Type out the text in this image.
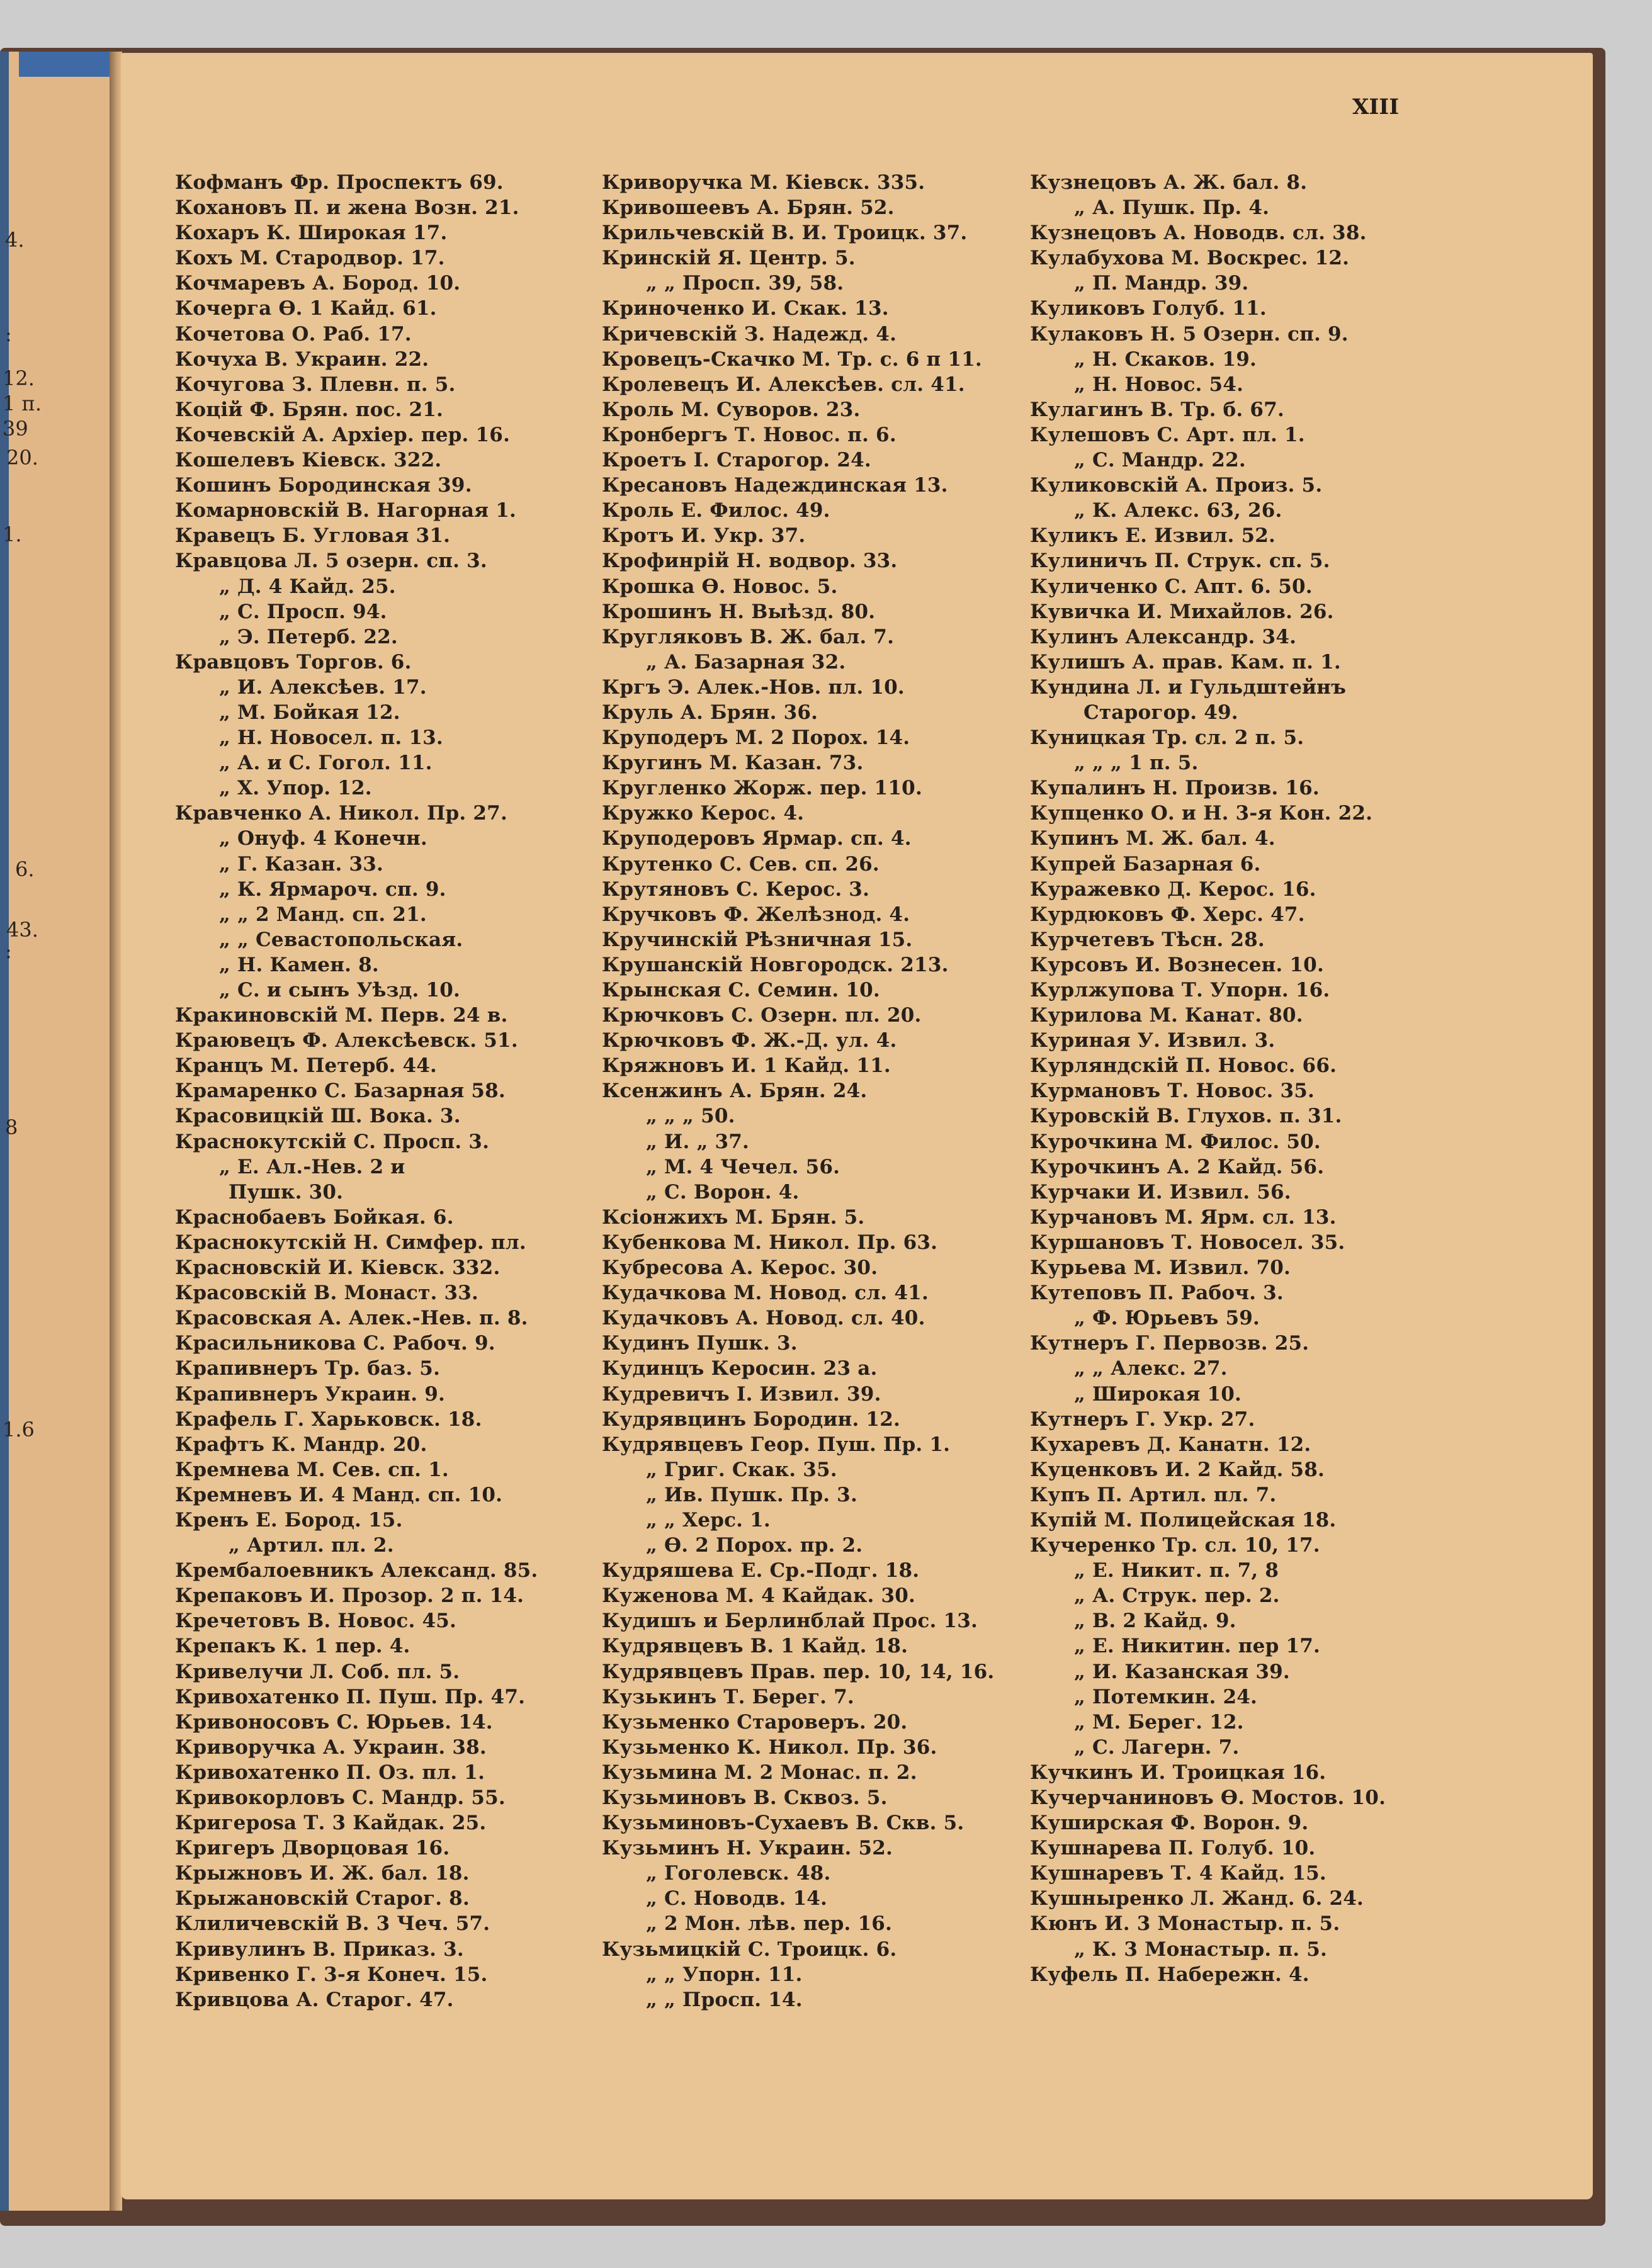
4.
:
12.
1 п.
39
20.
1.
6.
43.
:
8
1.6
XIII
Кофманъ Фр. Проспектъ 69.
Кохановъ П. и жена Возн. 21.
Кохаръ К. Широкая 17.
Кохъ М. Стародвор. 17.
Кочмаревъ А. Бород. 10.
Кочерга Ѳ. 1 Кайд. 61.
Кочетова О. Раб. 17.
Кочуха В. Украин. 22.
Кочугова З. Плевн. п. 5.
Коцій Ф. Брян. пос. 21.
Кочевскій А. Архіер. пер. 16.
Кошелевъ Кіевск. 322.
Кошинъ Бородинская 39.
Комарновскій В. Нагорная 1.
Кравецъ Б. Угловая 31.
Кравцова Л. 5 озерн. сп. 3.
„ Д. 4 Кайд. 25.
„ С. Просп. 94.
„ Э. Петерб. 22.
Кравцовъ Торгов. 6.
„ И. Алексѣев. 17.
„ М. Бойкая 12.
„ Н. Новосел. п. 13.
„ А. и С. Гогол. 11.
„ Х. Упор. 12.
Кравченко А. Никол. Пр. 27.
„ Онуф. 4 Конечн.
„ Г. Казан. 33.
„ К. Ярмароч. сп. 9.
„ „ 2 Манд. сп. 21.
„ „ Севастопольская.
„ Н. Камен. 8.
„ С. и сынъ Уѣзд. 10.
Кракиновскій М. Перв. 24 в.
Краювецъ Ф. Алексѣевск. 51.
Кранцъ М. Петерб. 44.
Крамаренко С. Базарная 58.
Красовицкій Ш. Вока. 3.
Краснокутскій С. Просп. 3.
„ Е. Ал.-Нев. 2 и
Пушк. 30.
Краснобаевъ Бойкая. 6.
Краснокутскій Н. Симфер. пл.
Красновскій И. Кіевск. 332.
Красовскій В. Монаст. 33.
Красовская А. Алек.-Нев. п. 8.
Красильникова С. Рабоч. 9.
Крапивнеръ Тр. баз. 5.
Крапивнеръ Украин. 9.
Крафель Г. Харьковск. 18.
Крафтъ К. Мандр. 20.
Кремнева М. Сев. сп. 1.
Кремневъ И. 4 Манд. сп. 10.
Кренъ Е. Бород. 15.
„ Артил. пл. 2.
Крембалоевникъ Александ. 85.
Крепаковъ И. Прозор. 2 п. 14.
Кречетовъ В. Новос. 45.
Крепакъ К. 1 пер. 4.
Кривелучи Л. Соб. пл. 5.
Кривохатенко П. Пуш. Пр. 47.
Кривоносовъ С. Юрьев. 14.
Криворучка А. Украин. 38.
Кривохатенко П. Оз. пл. 1.
Кривокорловъ С. Мандр. 55.
Кригероsа Т. 3 Кайдак. 25.
Кригеръ Дворцовая 16.
Крыжновъ И. Ж. бал. 18.
Крыжановскій Старог. 8.
Клиличевскій В. 3 Чеч. 57.
Кривулинъ В. Приказ. 3.
Кривенко Г. 3-я Конеч. 15.
Кривцова А. Старог. 47.
Криворучка М. Кіевск. 335.
Кривошеевъ А. Брян. 52.
Крильчевскій В. И. Троицк. 37.
Кринскій Я. Центр. 5.
„ „ Просп. 39, 58.
Криноченко И. Скак. 13.
Кричевскій З. Надежд. 4.
Кровецъ-Скачко М. Тр. с. 6 п 11.
Кролевецъ И. Алексѣев. сл. 41.
Кроль М. Суворов. 23.
Кронбергъ Т. Новос. п. 6.
Кроетъ І. Старогор. 24.
Кресановъ Надеждинская 13.
Кроль Е. Филос. 49.
Кротъ И. Укр. 37.
Крофинрій Н. водвор. 33.
Крошка Ѳ. Новос. 5.
Крошинъ Н. Выѣзд. 80.
Кругляковъ В. Ж. бал. 7.
„ А. Базарная 32.
Кргъ Э. Алек.-Нов. пл. 10.
Круль А. Брян. 36.
Круподеръ М. 2 Порох. 14.
Кругинъ М. Казан. 73.
Кругленко Жорж. пер. 110.
Кружко Керос. 4.
Круподеровъ Ярмар. сп. 4.
Крутенко С. Сев. сп. 26.
Крутяновъ С. Керос. 3.
Кручковъ Ф. Желѣзнод. 4.
Кручинскій Рѣзничная 15.
Крушанскій Новгородск. 213.
Крынская С. Семин. 10.
Крючковъ С. Озерн. пл. 20.
Крючковъ Ф. Ж.-Д. ул. 4.
Кряжновъ И. 1 Кайд. 11.
Ксенжинъ А. Брян. 24.
„ „ „ 50.
„ И. „ 37.
„ М. 4 Чечел. 56.
„ С. Ворон. 4.
Ксіонжихъ М. Брян. 5.
Кубенкова М. Никол. Пр. 63.
Кубресова А. Керос. 30.
Кудачкова М. Новод. сл. 41.
Кудачковъ А. Новод. сл. 40.
Кудинъ Пушк. 3.
Кудинцъ Керосин. 23 а.
Кудревичъ І. Извил. 39.
Кудрявцинъ Бородин. 12.
Кудрявцевъ Геор. Пуш. Пр. 1.
„ Григ. Скак. 35.
„ Ив. Пушк. Пр. 3.
„ „ Херс. 1.
„ Ѳ. 2 Порох. пр. 2.
Кудряшева Е. Ср.-Подг. 18.
Куженова М. 4 Кайдак. 30.
Кудишъ и Берлинблай Прос. 13.
Кудрявцевъ В. 1 Кайд. 18.
Кудрявцевъ Прав. пер. 10, 14, 16.
Кузькинъ Т. Берег. 7.
Кузьменко Староверъ. 20.
Кузьменко К. Никол. Пр. 36.
Кузьмина М. 2 Монас. п. 2.
Кузьминовъ В. Сквоз. 5.
Кузьминовъ-Сухаевъ В. Скв. 5.
Кузьминъ Н. Украин. 52.
„ Гоголевск. 48.
„ С. Новодв. 14.
„ 2 Мон. лѣв. пер. 16.
Кузьмицкій С. Троицк. 6.
„ „ Упорн. 11.
„ „ Просп. 14.
Кузнецовъ А. Ж. бал. 8.
„ А. Пушк. Пр. 4.
Кузнецовъ А. Новодв. сл. 38.
Кулабухова М. Воскрес. 12.
„ П. Мандр. 39.
Куликовъ Голуб. 11.
Кулаковъ Н. 5 Озерн. сп. 9.
„ Н. Скаков. 19.
„ Н. Новос. 54.
Кулагинъ В. Тр. б. 67.
Кулешовъ С. Арт. пл. 1.
„ С. Мандр. 22.
Куликовскій А. Произ. 5.
„ К. Алекс. 63, 26.
Куликъ Е. Извил. 52.
Кулиничъ П. Струк. сп. 5.
Куличенко С. Апт. 6. 50.
Кувичка И. Михайлов. 26.
Кулинъ Александр. 34.
Кулишъ А. прав. Кам. п. 1.
Кундина Л. и Гульдштейнъ
Старогор. 49.
Куницкая Тр. сл. 2 п. 5.
„ „ „ 1 п. 5.
Купалинъ Н. Произв. 16.
Купценко О. и Н. 3-я Кон. 22.
Купинъ М. Ж. бал. 4.
Купрей Базарная 6.
Куражевко Д. Керос. 16.
Курдюковъ Ф. Херс. 47.
Курчетевъ Тѣсн. 28.
Курсовъ И. Вознесен. 10.
Курлжупова Т. Упорн. 16.
Курилова М. Канат. 80.
Куриная У. Извил. 3.
Курляндскій П. Новос. 66.
Курмановъ Т. Новос. 35.
Куровскій В. Глухов. п. 31.
Курочкина М. Филос. 50.
Курочкинъ А. 2 Кайд. 56.
Курчаки И. Извил. 56.
Курчановъ М. Ярм. сл. 13.
Куршановъ Т. Новосел. 35.
Курьева М. Извил. 70.
Кутеповъ П. Рабоч. 3.
„ Ф. Юрьевъ 59.
Кутнеръ Г. Первозв. 25.
„ „ Алекс. 27.
„ Широкая 10.
Кутнеръ Г. Укр. 27.
Кухаревъ Д. Канатн. 12.
Куценковъ И. 2 Кайд. 58.
Купъ П. Артил. пл. 7.
Купій М. Полицейская 18.
Кучеренко Тр. сл. 10, 17.
„ Е. Никит. п. 7, 8
„ А. Струк. пер. 2.
„ В. 2 Кайд. 9.
„ Е. Никитин. пер 17.
„ И. Казанская 39.
„ Потемкин. 24.
„ М. Берег. 12.
„ С. Лагерн. 7.
Кучкинъ И. Троицкая 16.
Кучерчаниновъ Ѳ. Мостов. 10.
Куширская Ф. Ворон. 9.
Кушнарева П. Голуб. 10.
Кушнаревъ Т. 4 Кайд. 15.
Кушныренко Л. Жанд. 6. 24.
Кюнъ И. 3 Монастыр. п. 5.
„ К. 3 Монастыр. п. 5.
Куфель П. Набережн. 4.
